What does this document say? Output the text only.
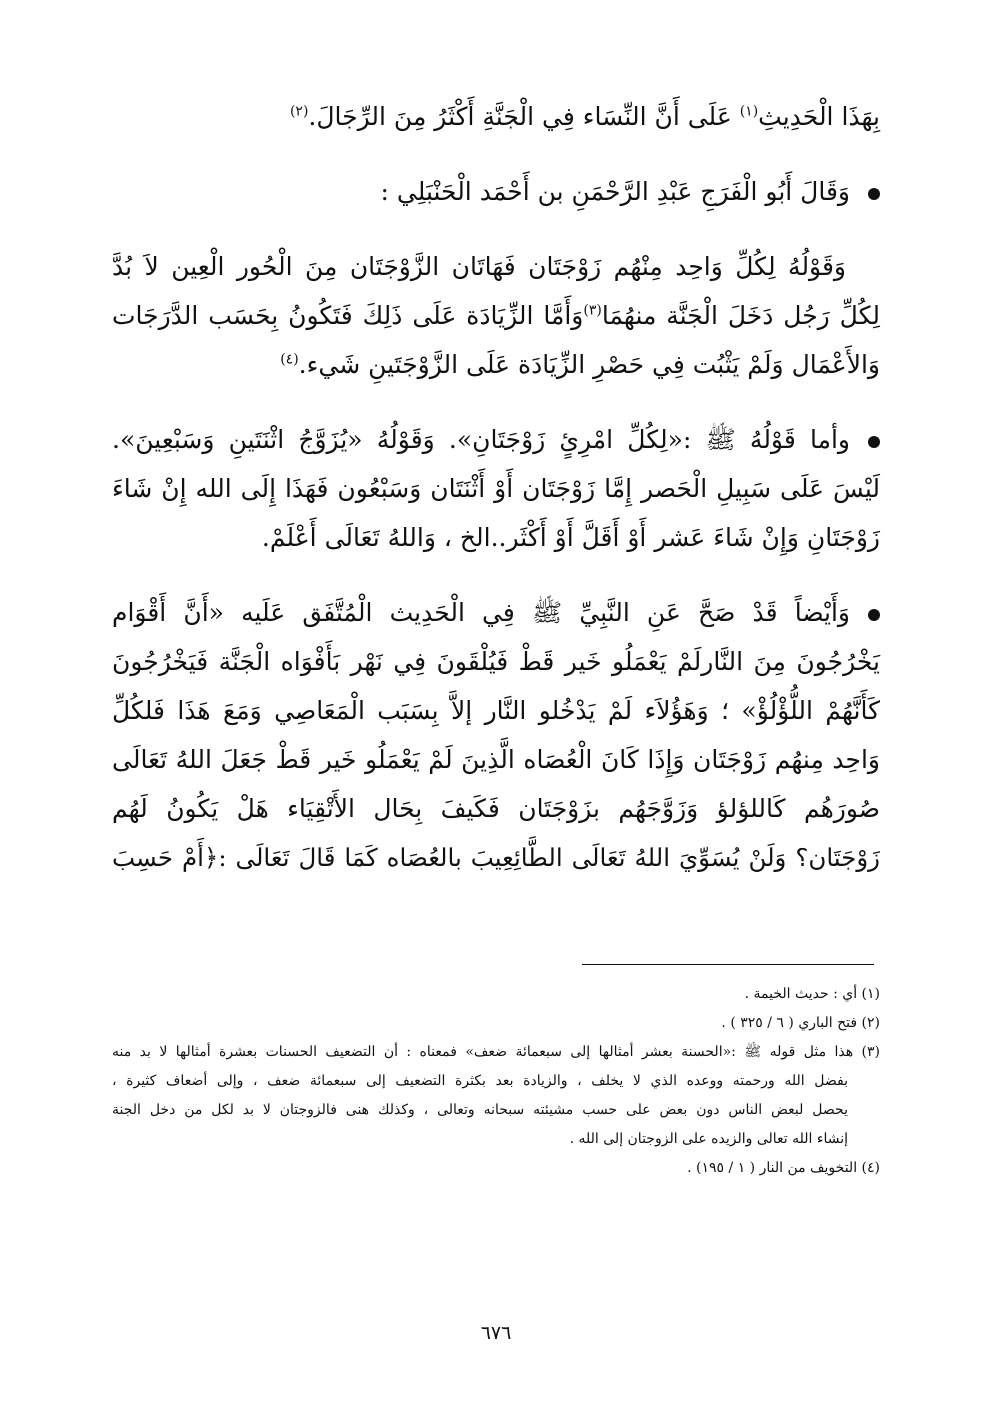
بِهَذَا الْحَدِيثِ$^{(١)}$ عَلَى أَنَّ النِّسَاء فِي الْجَنَّةِ أَكْثَرُ مِنَ الرِّجَالَ.$^{(٢)}$

وَقَالَ أَبُو الْفَرَجِ عَبْدِ الرَّحْمَنِ بن أَحْمَد الْحَنْبَلِي :

وَقَوْلُهُ لِكُلِّ وَاحِد مِنْهُم زَوْجَتَان فَهَاتَان الزَّوْجَتَان مِنَ الْحُور الْعِين لاَ بُدَّ

لِكُلِّ رَجُل دَخَلَ الْجَنَّة منهُمَا$^{(٣)}$وَأَمَّا الزِّيَادَة عَلَى ذَلِكَ فَتَكُونُ بِحَسَب الدَّرَجَات

وَالأَعْمَال وَلَمْ يَثْبُت فِي حَصْرِ الزِّيَادَة عَلَى الزَّوْجَتَينِ شَيء.$^{(٤)}$

وأما قَوْلُهُ ﷺ :«لِكُلِّ امْرِئٍ زَوْجَتَانِ». وَقَوْلُهُ «يُزَوَّجُ اثْنَتَينِ وَسَبْعِينَ».

لَيْسَ عَلَى سَبِيلِ الْحَصر إِمَّا زَوْجَتَان أَوْ أَثْنَتَان وَسَبْعُون فَهَذَا إِلَى الله إِنْ شَاءَ

زَوْجَتَانِ وَإِنْ شَاءَ عَشر أَوْ أَقَلَّ أَوْ أَكْثَر..الخ ، وَاللهُ تَعَالَى أَعْلَمْ.

وَأَيْضاً قَدْ صَحَّ عَنِ النَّبِيِّ ﷺ فِي الْحَدِيث الْمُتَّفَق عَلَيه «أَنَّ أَقْوَام

يَخْرُجُونَ مِنَ النَّارلَمْ يَعْمَلُو خَير قَطْ فَيُلْقَونَ فِي نَهْر بَأَفْوَاه الْجَنَّة فَيَخْرُجُونَ

كَأَنَّهُمْ اللُّؤْلُؤْ» ؛ وَهَؤُلاَء لَمْ يَدْخُلو النَّار إلاَّ بِسَبَب الْمَعَاصِي وَمَعَ هَذَا فَلكُلِّ

وَاحِد مِنهُم زَوْجَتَان وَإِذَا كَانَ الْعُصَاه الَّذِينَ لَمْ يَعْمَلُو خَير قَطْ جَعَلَ اللهُ تَعَالَى

صُورَهُم كَاللؤلؤ وَزَوَّجَهُم بزَوْجَتَان فَكَيفَ بِحَال الأَتْقِيَاء هَلْ يَكُونُ لَهُم

زَوْجَتَان؟ وَلَنْ يُسَوِّيَ اللهُ تَعَالَى الطَّائِعِيبَ بالعُصَاه كَمَا قَالَ تَعَالَى :﴿أَمْ حَسِبَ

(١) أي : حديث الخيمة .

(٢) فتح الباري ( ٦ / ٣٢٥ ) .

(٣) هذا مثل قوله ﷺ :«الحسنة بعشر أمثالها إلى سبعمائة ضعف» فمعناه : أن التضعيف الحسنات بعشرة أمثالها لا بد منه

بفضل الله ورحمته ووعده الذي لا يخلف ، والزيادة بعد بكثرة التضعيف إلى سبعمائة ضعف ، وإلى أضعاف كثيرة ،

يحصل لبعض الناس دون بعض على حسب مشيئته سبحانه وتعالى ، وكذلك هنى فالزوجتان لا بد لكل من دخل الجنة

إنشاء الله تعالى والزيده على الزوجتان إلى الله .

(٤) التخويف من النار ( ١ / ١٩٥) .

٦٧٦
